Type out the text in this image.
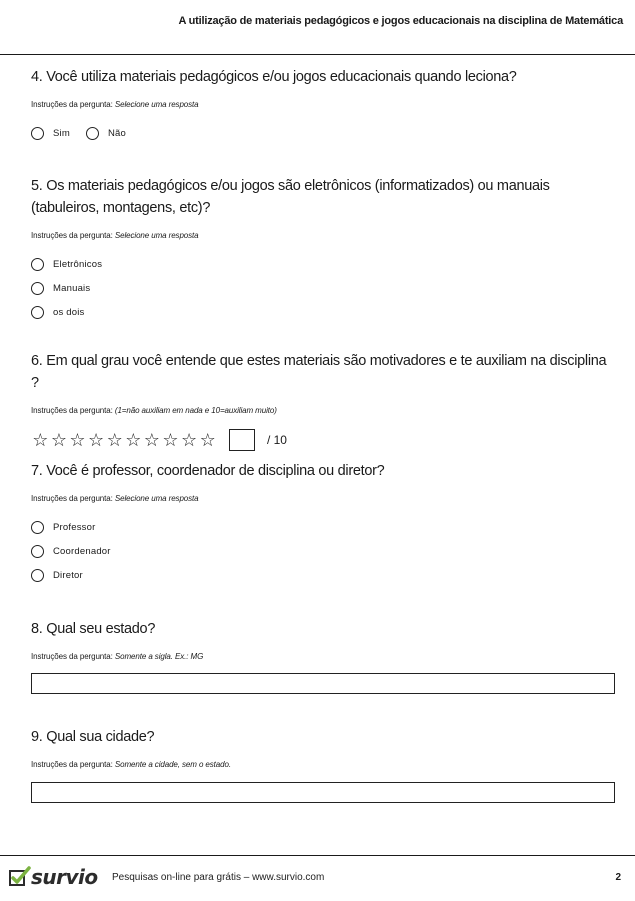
A utilização de materiais pedagógicos e jogos educacionais na disciplina de Matemática
4. Você utiliza materiais pedagógicos e/ou jogos educacionais quando leciona?
Instruções da pergunta: Selecione uma resposta
Sim	Não
5. Os materiais pedagógicos e/ou jogos são eletrônicos (informatizados) ou manuais (tabuleiros, montagens, etc)?
Instruções da pergunta: Selecione uma resposta
Eletrônicos
Manuais
os dois
6. Em qual grau você entende que estes materiais são motivadores e te auxiliam na disciplina ?
Instruções da pergunta: (1=não auxiliam em nada e 10=auxiliam muito)
☆ ☆ ☆ ☆ ☆ ☆ ☆ ☆ ☆ ☆	/ 10
7. Você é professor, coordenador de disciplina ou diretor?
Instruções da pergunta: Selecione uma resposta
Professor
Coordenador
Diretor
8. Qual seu estado?
Instruções da pergunta: Somente a sigla. Ex.: MG
9. Qual sua cidade?
Instruções da pergunta: Somente a cidade, sem o estado.
survio Pesquisas on-line para grátis – www.survio.com	2
